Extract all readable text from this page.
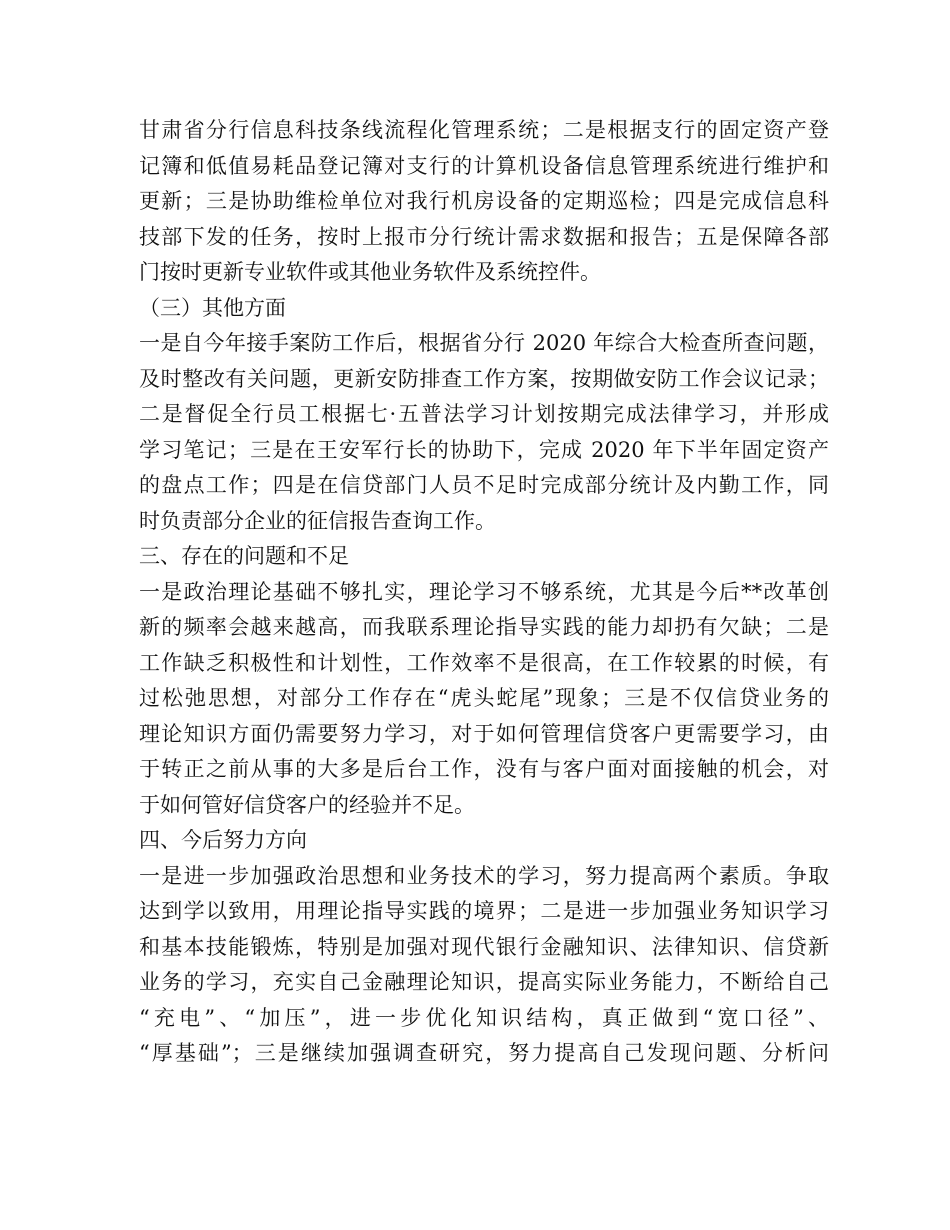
甘肃省分行信息科技条线流程化管理系统；二是根据支行的固定资产登
记簿和低值易耗品登记簿对支行的计算机设备信息管理系统进行维护和
更新；三是协助维检单位对我行机房设备的定期巡检；四是完成信息科
技部下发的任务，按时上报市分行统计需求数据和报告；五是保障各部
门按时更新专业软件或其他业务软件及系统控件。
（三）其他方面
一是自今年接手案防工作后，根据省分行 2020 年综合大检查所查问题，
及时整改有关问题，更新安防排查工作方案，按期做安防工作会议记录；
二是督促全行员工根据七·五普法学习计划按期完成法律学习，并形成
学习笔记；三是在王安军行长的协助下，完成 2020 年下半年固定资产
的盘点工作；四是在信贷部门人员不足时完成部分统计及内勤工作，同
时负责部分企业的征信报告查询工作。
三、存在的问题和不足
一是政治理论基础不够扎实，理论学习不够系统，尤其是今后**改革创
新的频率会越来越高，而我联系理论指导实践的能力却扔有欠缺；二是
工作缺乏积极性和计划性，工作效率不是很高，在工作较累的时候，有
过松弛思想，对部分工作存在“虎头蛇尾”现象；三是不仅信贷业务的
理论知识方面仍需要努力学习，对于如何管理信贷客户更需要学习，由
于转正之前从事的大多是后台工作，没有与客户面对面接触的机会，对
于如何管好信贷客户的经验并不足。
四、今后努力方向
一是进一步加强政治思想和业务技术的学习，努力提高两个素质。争取
达到学以致用，用理论指导实践的境界；二是进一步加强业务知识学习
和基本技能锻炼，特别是加强对现代银行金融知识、法律知识、信贷新
业务的学习，充实自己金融理论知识，提高实际业务能力，不断给自己
“充电”、“加压”，进一步优化知识结构，真正做到“宽口径”、
“厚基础”；三是继续加强调查研究，努力提高自己发现问题、分析问
